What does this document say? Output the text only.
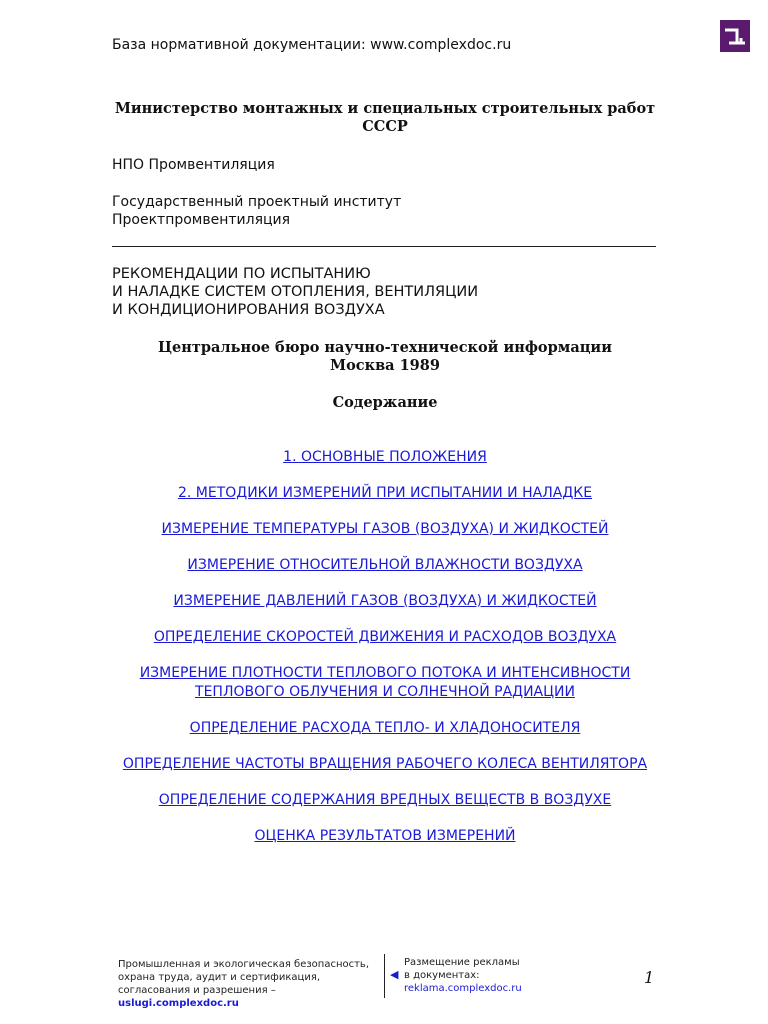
База нормативной документации: www.complexdoc.ru
Министерство монтажных и специальных строительных работ СССР
НПО Промвентиляция
Государственный проектный институт
Проектпромвентиляция
РЕКОМЕНДАЦИИ ПО ИСПЫТАНИЮ
И НАЛАДКЕ СИСТЕМ ОТОПЛЕНИЯ, ВЕНТИЛЯЦИИ
И КОНДИЦИОНИРОВАНИЯ ВОЗДУХА
Центральное бюро научно-технической информации
Москва 1989
Содержание
1. ОСНОВНЫЕ ПОЛОЖЕНИЯ
2. МЕТОДИКИ ИЗМЕРЕНИЙ ПРИ ИСПЫТАНИИ И НАЛАДКЕ
ИЗМЕРЕНИЕ ТЕМПЕРАТУРЫ ГАЗОВ (ВОЗДУХА) И ЖИДКОСТЕЙ
ИЗМЕРЕНИЕ ОТНОСИТЕЛЬНОЙ ВЛАЖНОСТИ ВОЗДУХА
ИЗМЕРЕНИЕ ДАВЛЕНИЙ ГАЗОВ (ВОЗДУХА) И ЖИДКОСТЕЙ
ОПРЕДЕЛЕНИЕ СКОРОСТЕЙ ДВИЖЕНИЯ И РАСХОДОВ ВОЗДУХА
ИЗМЕРЕНИЕ ПЛОТНОСТИ ТЕПЛОВОГО ПОТОКА И ИНТЕНСИВНОСТИ ТЕПЛОВОГО ОБЛУЧЕНИЯ И СОЛНЕЧНОЙ РАДИАЦИИ
ОПРЕДЕЛЕНИЕ РАСХОДА ТЕПЛО- И ХЛАДОНОСИТЕЛЯ
ОПРЕДЕЛЕНИЕ ЧАСТОТЫ ВРАЩЕНИЯ РАБОЧЕГО КОЛЕСА ВЕНТИЛЯТОРА
ОПРЕДЕЛЕНИЕ СОДЕРЖАНИЯ ВРЕДНЫХ ВЕЩЕСТВ В ВОЗДУХЕ
ОЦЕНКА РЕЗУЛЬТАТОВ ИЗМЕРЕНИЙ
Промышленная и экологическая безопасность,
охрана труда, аудит и сертификация,
согласования и разрешения – uslugi.complexdoc.ru
◀
Размещение рекламы
в документах:
reklama.complexdoc.ru
1
